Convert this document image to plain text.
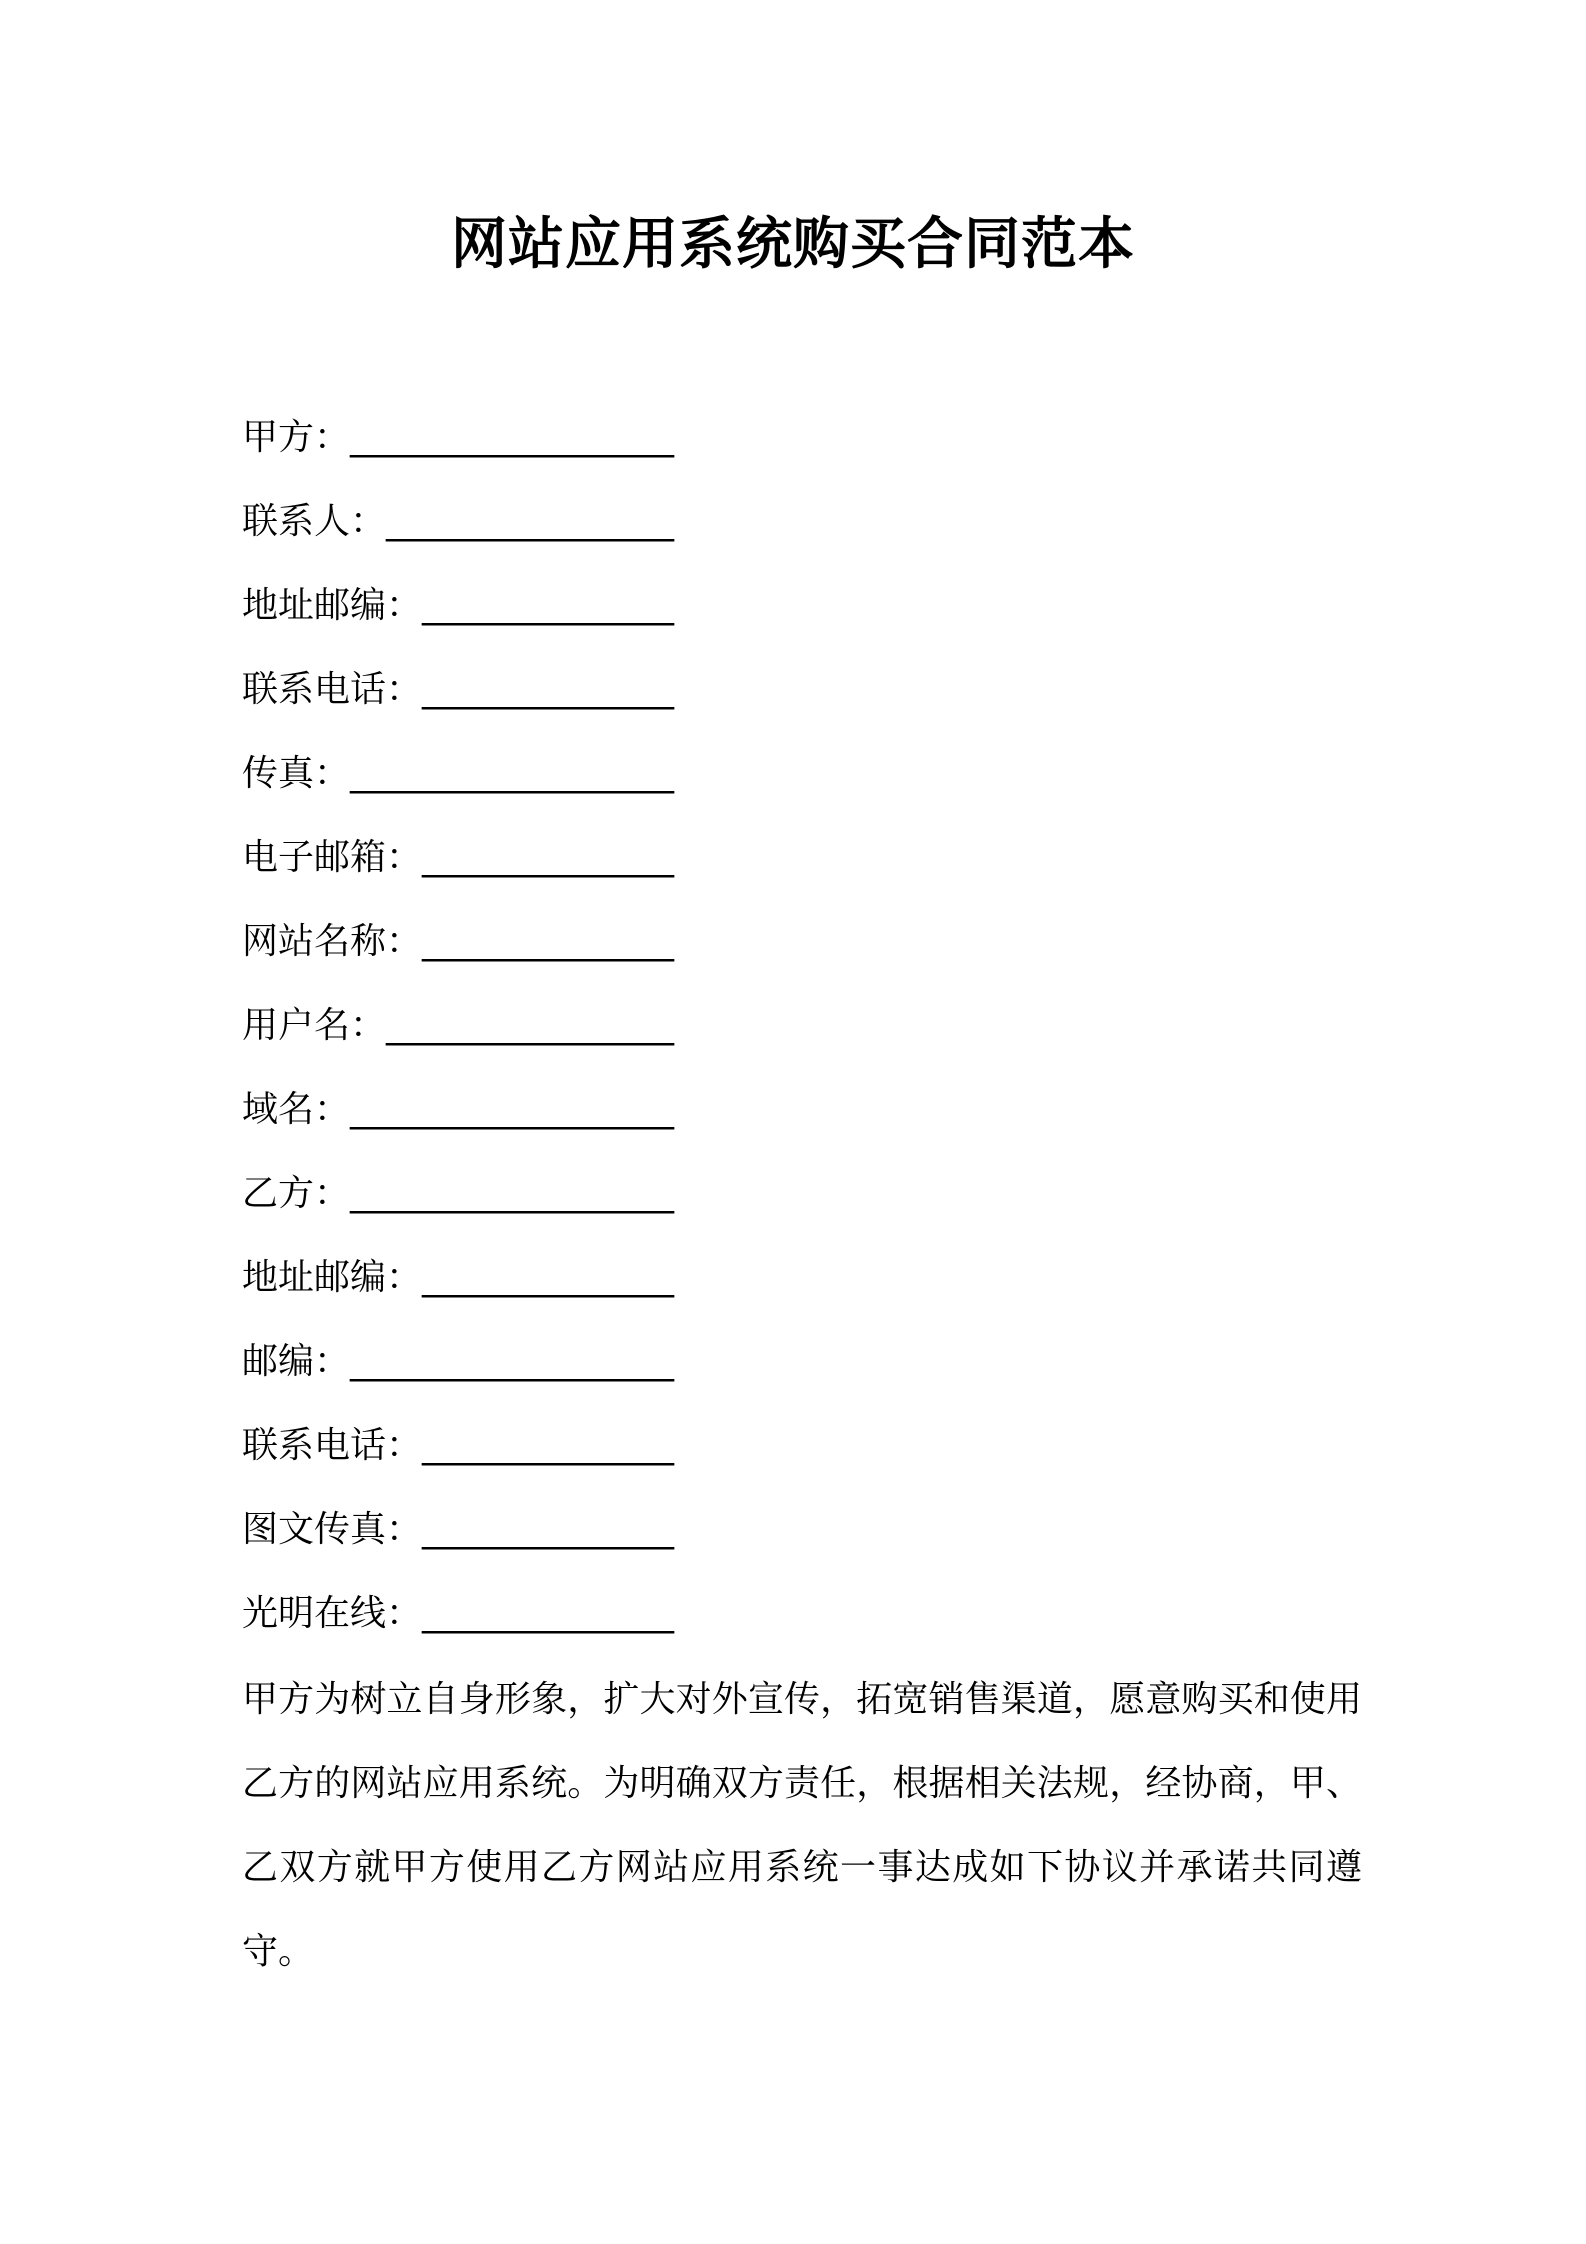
网站应用系统购买合同范本
甲方：__________________
联系人：________________
地址邮编：______________
联系电话：______________
传真：__________________
电子邮箱：______________
网站名称：______________
用户名：________________
域名：__________________
乙方：__________________
地址邮编：______________
邮编：__________________
联系电话：______________
图文传真：______________
光明在线：______________

甲方为树立自身形象，扩大对外宣传，拓宽销售渠道，愿意购买和使用乙方的网站应用系统。为明确双方责任，根据相关法规，经协商，甲、乙双方就甲方使用乙方网站应用系统一事达成如下协议并承诺共同遵守。
